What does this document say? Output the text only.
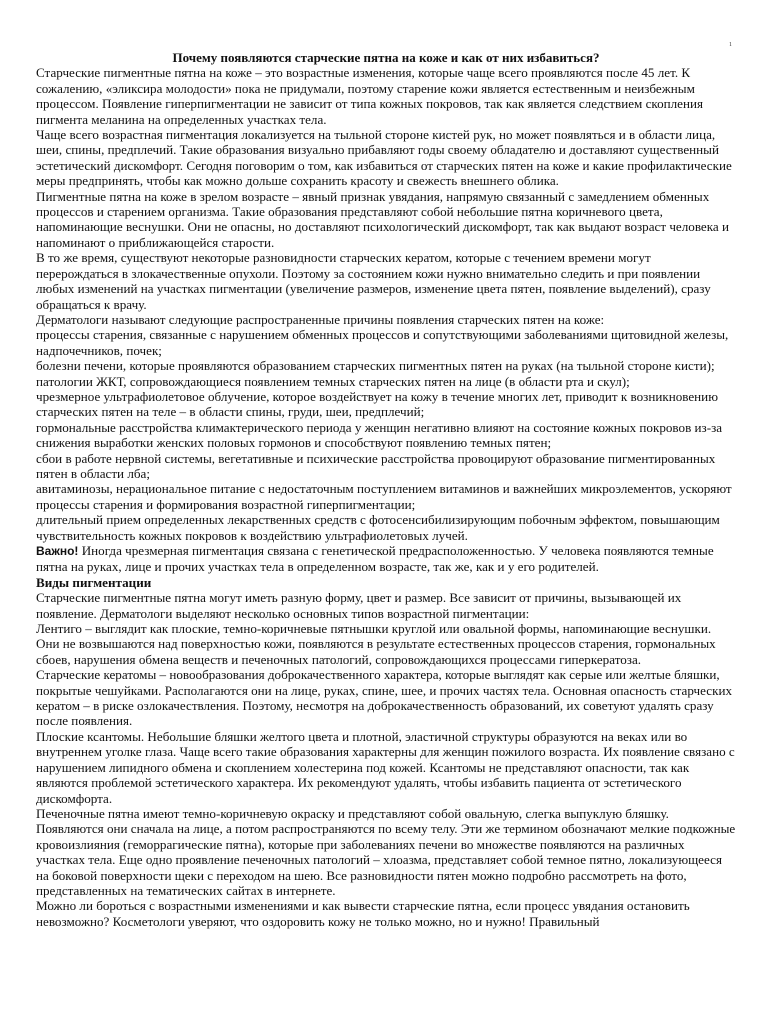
1

Почему появляются старческие пятна на коже и как от них избавиться?

Старческие пигментные пятна на коже – это возрастные изменения, которые чаще всего проявляются после 45 лет. К сожалению, «эликсира молодости» пока не придумали, поэтому старение кожи является естественным и неизбежным процессом. Появление гиперпигментации не зависит от типа кожных покровов, так как является следствием скопления пигмента меланина на определенных участках тела.

Чаще всего возрастная пигментация локализуется на тыльной стороне кистей рук, но может появляться и в области лица, шеи, спины, предплечий. Такие образования визуально прибавляют годы своему обладателю и доставляют существенный эстетический дискомфорт. Сегодня поговорим о том, как избавиться от старческих пятен на коже и какие профилактические меры предпринять, чтобы как можно дольше сохранить красоту и свежесть внешнего облика.

Пигментные пятна на коже в зрелом возрасте – явный признак увядания, напрямую связанный с замедлением обменных процессов и старением организма. Такие образования представляют собой небольшие пятна коричневого цвета, напоминающие веснушки. Они не опасны, но доставляют психологический дискомфорт, так как выдают возраст человека и напоминают о приближающейся старости.

В то же время, существуют некоторые разновидности старческих кератом, которые с течением времени могут перерождаться в злокачественные опухоли. Поэтому за состоянием кожи нужно внимательно следить и при появлении любых изменений на участках пигментации (увеличение размеров, изменение цвета пятен, появление выделений), сразу обращаться к врачу.

Дерматологи называют следующие распространенные причины появления старческих пятен на коже:

процессы старения, связанные с нарушением обменных процессов и сопутствующими заболеваниями щитовидной железы, надпочечников, почек;

болезни печени, которые проявляются образованием старческих пигментных пятен на руках (на тыльной стороне кисти);

патологии ЖКТ, сопровождающиеся появлением темных старческих пятен на лице (в области рта и скул);

чрезмерное ультрафиолетовое облучение, которое воздействует на кожу в течение многих лет, приводит к возникновению старческих пятен на теле – в области спины, груди, шеи, предплечий;

гормональные расстройства климактерического периода у женщин негативно влияют на состояние кожных покровов из-за снижения выработки женских половых гормонов и способствуют появлению темных пятен;

сбои в работе нервной системы, вегетативные и психические расстройства провоцируют образование пигментированных пятен в области лба;

авитаминозы, нерациональное питание с недостаточным поступлением витаминов и важнейших микроэлементов, ускоряют процессы старения и формирования возрастной гиперпигментации;

длительный прием определенных лекарственных средств с фотосенсибилизирующим побочным эффектом, повышающим чувствительность кожных покровов к воздействию ультрафиолетовых лучей.

Важно! Иногда чрезмерная пигментация связана с генетической предрасположенностью. У человека появляются темные пятна на руках, лице и прочих участках тела в определенном возрасте, так же, как и у его родителей.

Виды пигментации

Старческие пигментные пятна могут иметь разную форму, цвет и размер. Все зависит от причины, вызывающей их появление. Дерматологи выделяют несколько основных типов возрастной пигментации:

Лентиго – выглядит как плоские, темно-коричневые пятнышки круглой или овальной формы, напоминающие веснушки. Они не возвышаются над поверхностью кожи, появляются в результате естественных процессов старения, гормональных сбоев, нарушения обмена веществ и печеночных патологий, сопровождающихся процессами гиперкератоза.

Старческие кератомы – новообразования доброкачественного характера, которые выглядят как серые или желтые бляшки, покрытые чешуйками. Располагаются они на лице, руках, спине, шее, и прочих частях тела. Основная опасность старческих кератом – в риске озлокачествления. Поэтому, несмотря на доброкачественность образований, их советуют удалять сразу после появления.

Плоские ксантомы. Небольшие бляшки желтого цвета и плотной, эластичной структуры образуются на веках или во внутреннем уголке глаза. Чаще всего такие образования характерны для женщин пожилого возраста. Их появление связано с нарушением липидного обмена и скоплением холестерина под кожей. Ксантомы не представляют опасности, так как являются проблемой эстетического характера. Их рекомендуют удалять, чтобы избавить пациента от эстетического дискомфорта.

Печеночные пятна имеют темно-коричневую окраску и представляют собой овальную, слегка выпуклую бляшку. Появляются они сначала на лице, а потом распространяются по всему телу. Эти же термином обозначают мелкие подкожные кровоизлияния (геморрагические пятна), которые при заболеваниях печени во множестве появляются на различных участках тела. Еще одно проявление печеночных патологий – хлоазма, представляет собой темное пятно, локализующееся на боковой поверхности щеки с переходом на шею. Все разновидности пятен можно подробно рассмотреть на фото, представленных на тематических сайтах в интернете.

Можно ли бороться с возрастными изменениями и как вывести старческие пятна, если процесс увядания остановить невозможно? Косметологи уверяют, что оздоровить кожу не только можно, но и нужно! Правильный
